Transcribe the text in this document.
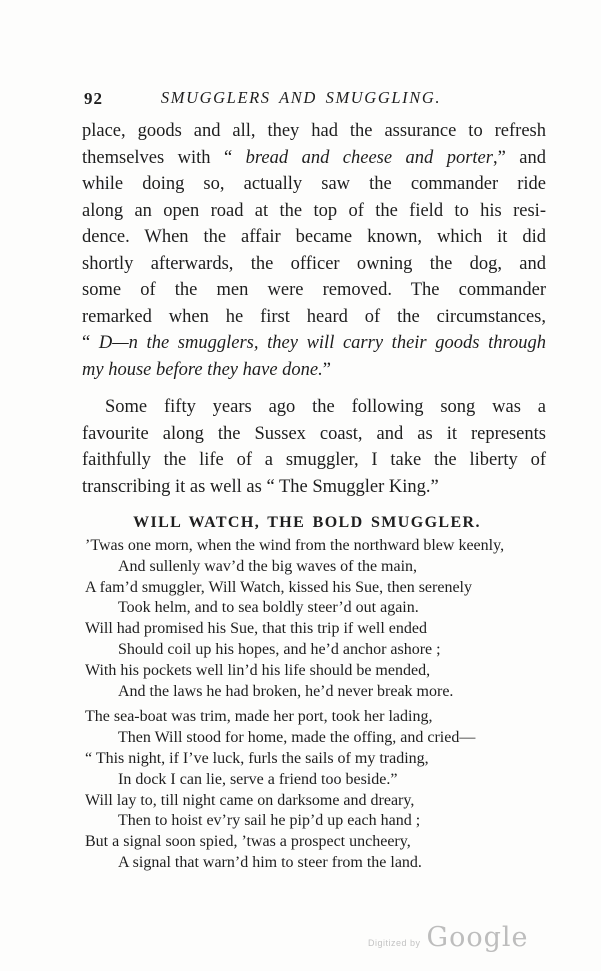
92	SMUGGLERS AND SMUGGLING.
place, goods and all, they had the assurance to refresh
themselves with “ bread and cheese and porter,” and
while doing so, actually saw the commander ride
along an open road at the top of the field to his resi-
dence. When the affair became known, which it did
shortly afterwards, the officer owning the dog, and
some of the men were removed. The commander
remarked when he first heard of the circumstances,
“ D—n the smugglers, they will carry their goods through
my house before they have done.”
Some fifty years ago the following song was a
favourite along the Sussex coast, and as it represents
faithfully the life of a smuggler, I take the liberty of
transcribing it as well as “ The Smuggler King.”
WILL WATCH, THE BOLD SMUGGLER.
’Twas one morn, when the wind from the northward blew keenly,
And sullenly wav’d the big waves of the main,
A fam’d smuggler, Will Watch, kissed his Sue, then serenely
Took helm, and to sea boldly steer’d out again.
Will had promised his Sue, that this trip if well ended
Should coil up his hopes, and he’d anchor ashore ;
With his pockets well lin’d his life should be mended,
And the laws he had broken, he’d never break more.
The sea-boat was trim, made her port, took her lading,
Then Will stood for home, made the offing, and cried—
“ This night, if I’ve luck, furls the sails of my trading,
In dock I can lie, serve a friend too beside.”
Will lay to, till night came on darksome and dreary,
Then to hoist ev’ry sail he pip’d up each hand ;
But a signal soon spied, ’twas a prospect uncheery,
A signal that warn’d him to steer from the land.
Digitized by Google
